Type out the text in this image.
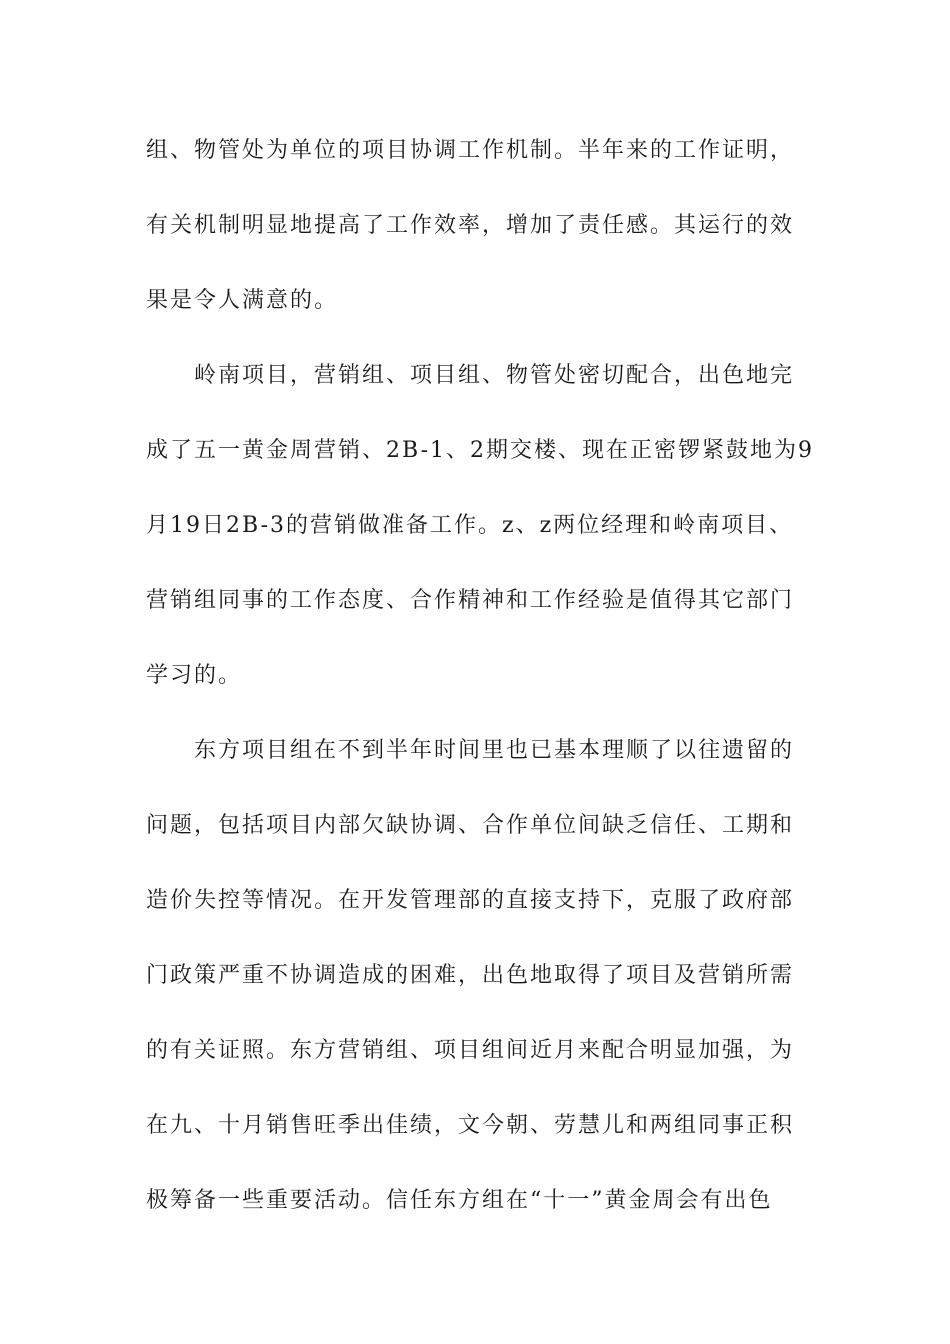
组、物管处为单位的项目协调工作机制。半年来的工作证明，
有关机制明显地提高了工作效率，增加了责任感。其运行的效
果是令人满意的。
岭南项目，营销组、项目组、物管处密切配合，出色地完
成了五一黄金周营销、2B-1、2期交楼、现在正密锣紧鼓地为9
月19日2B-3的营销做准备工作。z、z两位经理和岭南项目、
营销组同事的工作态度、合作精神和工作经验是值得其它部门
学习的。
东方项目组在不到半年时间里也已基本理顺了以往遗留的
问题，包括项目内部欠缺协调、合作单位间缺乏信任、工期和
造价失控等情况。在开发管理部的直接支持下，克服了政府部
门政策严重不协调造成的困难，出色地取得了项目及营销所需
的有关证照。东方营销组、项目组间近月来配合明显加强，为
在九、十月销售旺季出佳绩，文今朝、劳慧儿和两组同事正积
极筹备一些重要活动。信任东方组在“十一”黄金周会有出色
